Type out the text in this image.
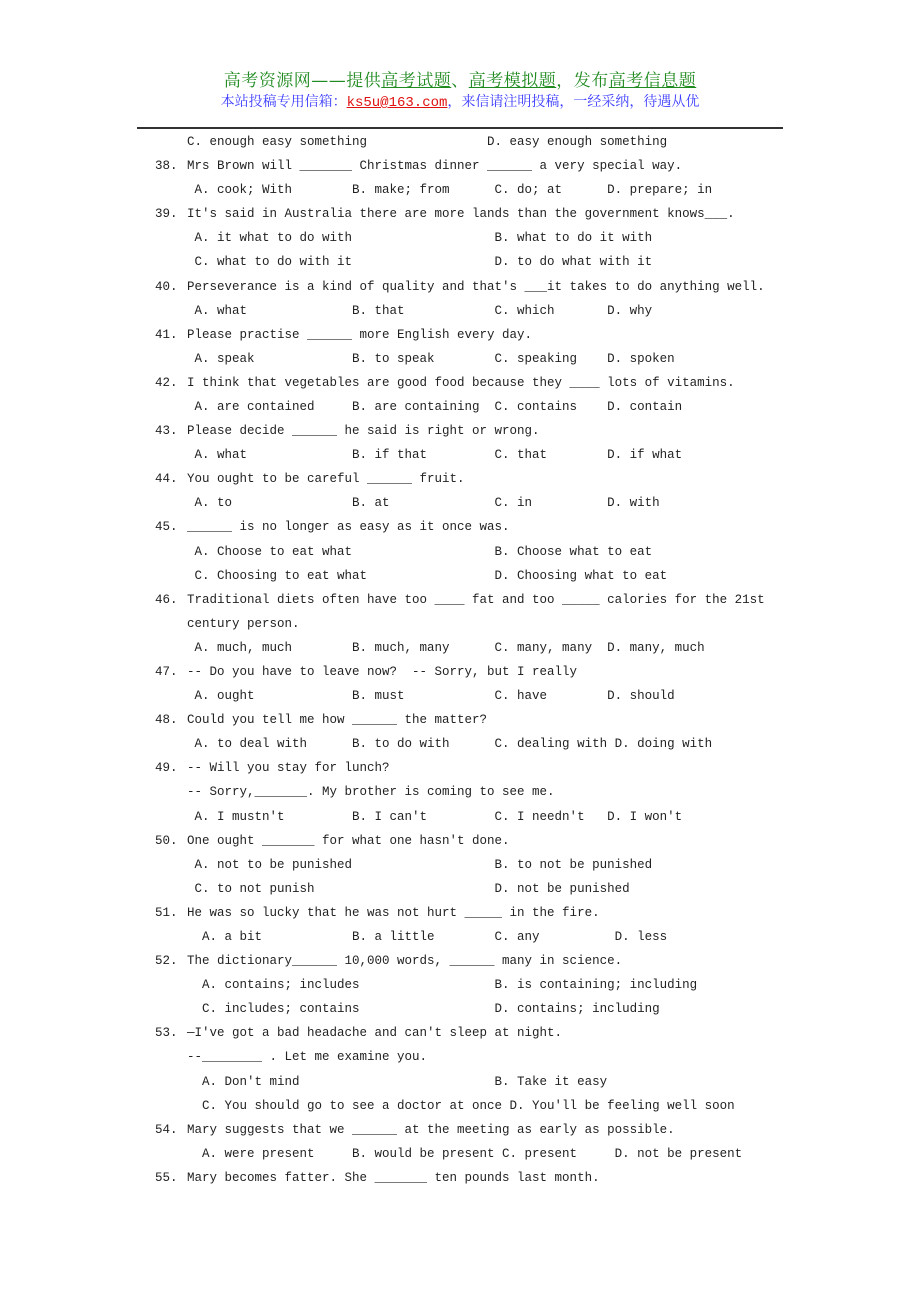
高考资源网——提供高考试题、高考模拟题，发布高考信息题
本站投稿专用信箱：ks5u@163.com，来信请注明投稿，一经采纳，待遇从优
C. enough easy something                D. easy enough something
38. Mrs Brown will _______ Christmas dinner ______ a very special way.
A. cook; With        B. make; from      C. do; at      D. prepare; in
39. It's said in Australia there are more lands than the government knows___.
A. it what to do with                   B. what to do it with
C. what to do with it                   D. to do what with it
40. Perseverance is a kind of quality and that's ___it takes to do anything well.
A. what              B. that            C. which       D. why
41. Please practise ______ more English every day.
A. speak             B. to speak        C. speaking    D. spoken
42. I think that vegetables are good food because they ____ lots of vitamins.
A. are contained     B. are containing  C. contains    D. contain
43. Please decide ______ he said is right or wrong.
A. what              B. if that         C. that        D. if what
44. You ought to be careful ______ fruit.
A. to                B. at              C. in          D. with
45. ______ is no longer as easy as it once was.
A. Choose to eat what                   B. Choose what to eat
C. Choosing to eat what                 D. Choosing what to eat
46. Traditional diets often have too ____ fat and too _____ calories for the 21st
century person.
A. much, much        B. much, many      C. many, many  D. many, much
47. -- Do you have to leave now?  -- Sorry, but I really
A. ought             B. must            C. have        D. should
48. Could you tell me how ______ the matter?
A. to deal with      B. to do with      C. dealing with D. doing with
49. -- Will you stay for lunch?
-- Sorry,_______. My brother is coming to see me.
A. I mustn't         B. I can't         C. I needn't   D. I won't
50. One ought _______ for what one hasn't done.
A. not to be punished                   B. to not be punished
C. to not punish                        D. not be punished
51. He was so lucky that he was not hurt _____ in the fire.
A. a bit            B. a little        C. any          D. less
52. The dictionary______ 10,000 words, ______ many in science.
A. contains; includes                  B. is containing; including
C. includes; contains                  D. contains; including
53. —I've got a bad headache and can't sleep at night.
--________ . Let me examine you.
A. Don't mind                          B. Take it easy
C. You should go to see a doctor at once D. You'll be feeling well soon
54. Mary suggests that we ______ at the meeting as early as possible.
A. were present     B. would be present C. present     D. not be present
55. Mary becomes fatter. She _______ ten pounds last month.
